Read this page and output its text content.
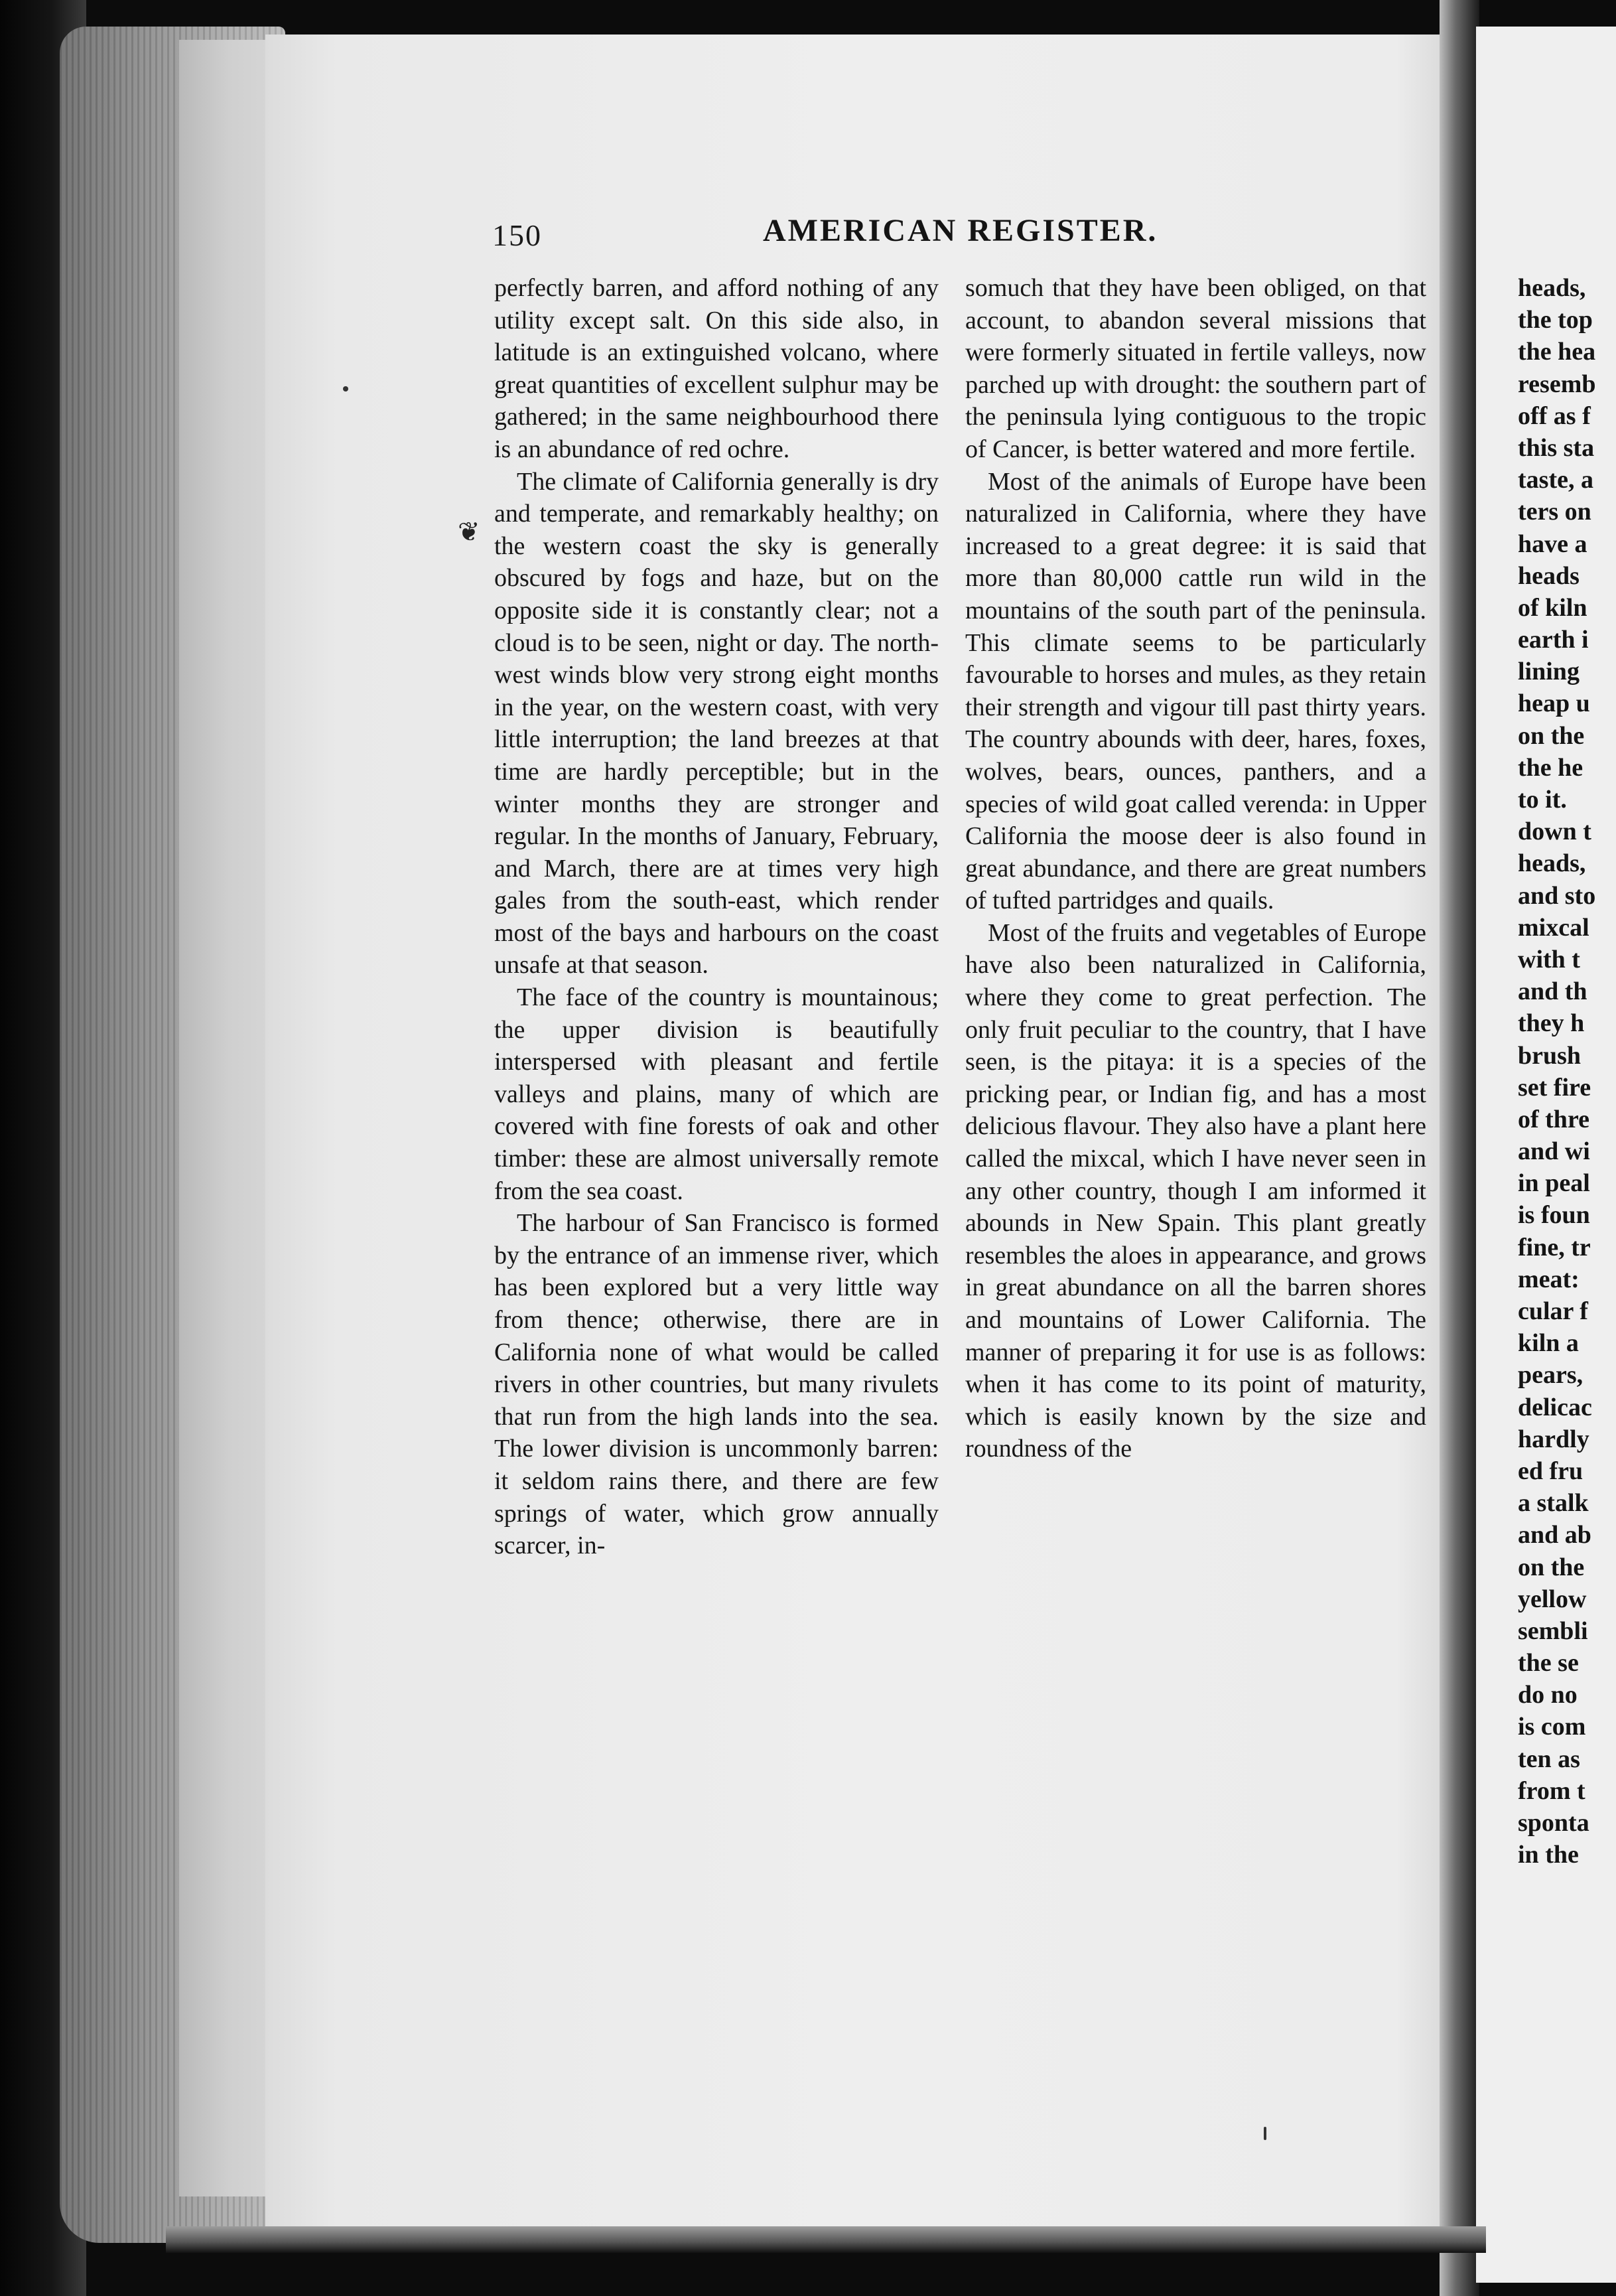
150	AMERICAN REGISTER.
❦

perfectly barren, and afford nothing of any utility except salt. On this side also, in latitude is an extinguished volcano, where great quantities of excellent sulphur may be gathered; in the same neighbourhood there is an abundance of red ochre.

The climate of California generally is dry and temperate, and remarkably healthy; on the western coast the sky is generally obscured by fogs and haze, but on the opposite side it is constantly clear; not a cloud is to be seen, night or day. The north-west winds blow very strong eight months in the year, on the western coast, with very little interruption; the land breezes at that time are hardly perceptible; but in the winter months they are stronger and regular. In the months of January, February, and March, there are at times very high gales from the south-east, which render most of the bays and harbours on the coast unsafe at that season.

The face of the country is mountainous; the upper division is beautifully interspersed with pleasant and fertile valleys and plains, many of which are covered with fine forests of oak and other timber: these are almost universally remote from the sea coast.

The harbour of San Francisco is formed by the entrance of an immense river, which has been explored but a very little way from thence; otherwise, there are in California none of what would be called rivers in other countries, but many rivulets that run from the high lands into the sea. The lower division is uncommonly barren: it seldom rains there, and there are few springs of water, which grow annually scarcer, in-

somuch that they have been obliged, on that account, to abandon several missions that were formerly situated in fertile valleys, now parched up with drought: the southern part of the peninsula lying contiguous to the tropic of Cancer, is better watered and more fertile.

Most of the animals of Europe have been naturalized in California, where they have increased to a great degree: it is said that more than 80,000 cattle run wild in the mountains of the south part of the peninsula. This climate seems to be particularly favourable to horses and mules, as they retain their strength and vigour till past thirty years. The country abounds with deer, hares, foxes, wolves, bears, ounces, panthers, and a species of wild goat called verenda: in Upper California the moose deer is also found in great abundance, and there are great numbers of tufted partridges and quails.

Most of the fruits and vegetables of Europe have also been naturalized in California, where they come to great perfection. The only fruit peculiar to the country, that I have seen, is the pitaya: it is a species of the pricking pear, or Indian fig, and has a most delicious flavour. They also have a plant here called the mixcal, which I have never seen in any other country, though I am informed it abounds in New Spain. This plant greatly resembles the aloes in appearance, and grows in great abundance on all the barren shores and mountains of Lower California. The manner of preparing it for use is as follows: when it has come to its point of maturity, which is easily known by the size and roundness of the

heads,
the top
the hea
resemb
off as f
this sta
taste, a
ters on
have a
heads
of kiln
earth i
lining
heap u
on the
the he
to it.
down t
heads,
and sto
mixcal
with t
and th
they h
brush
set fire
of thre
and wi
in peal
is foun
fine, tr
meat:
cular f
kiln a
pears,
delicac
hardly
ed fru
a stalk
and ab
on the
yellow
sembli
the se
do no
is com
ten as
from t
sponta
in the
